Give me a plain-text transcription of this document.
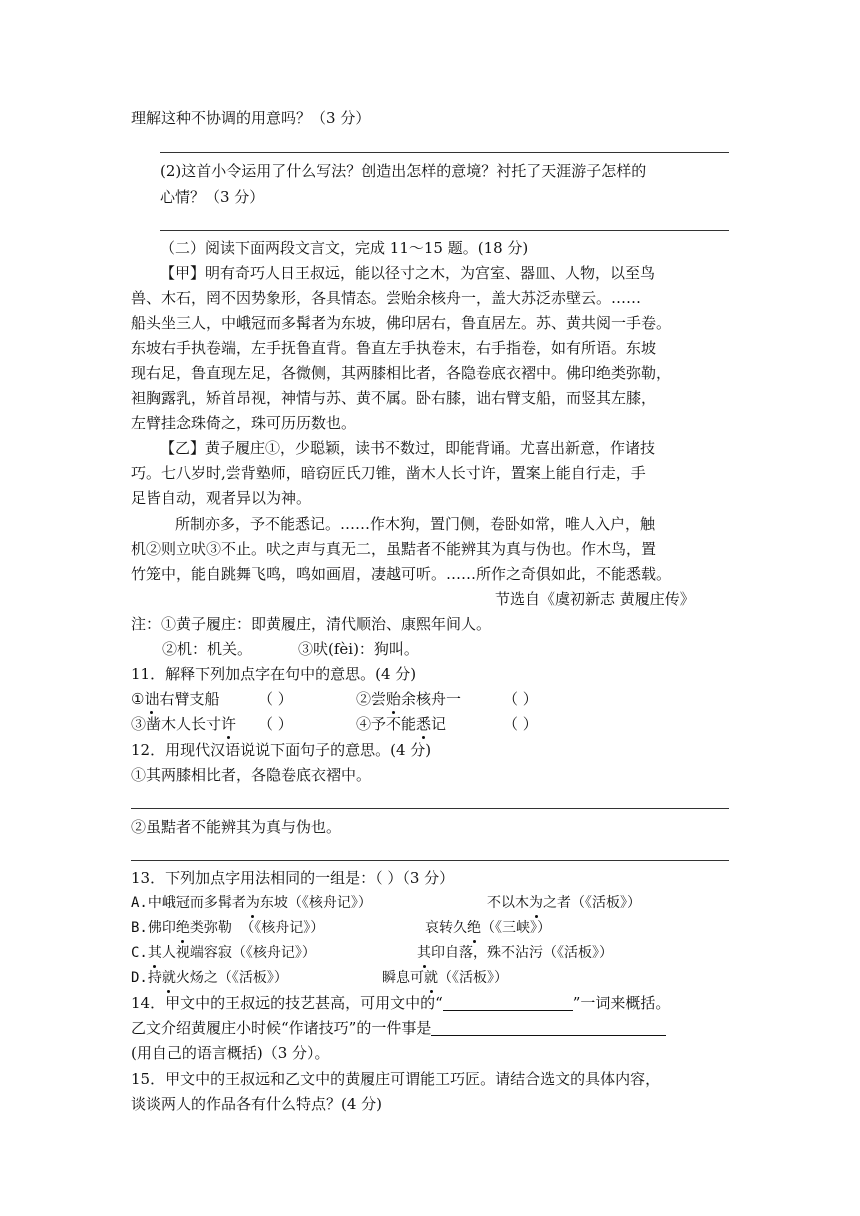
理解这种不协调的用意吗？（3 分）
(2)这首小令运用了什么写法？创造出怎样的意境？衬托了天涯游子怎样的
心情？（3 分）
（二）阅读下面两段文言文，完成 11～15 题。(18 分)
【甲】明有奇巧人日王叔远，能以径寸之木，为宫室、器皿、人物，以至鸟
兽、木石，罔不因势象形，各具情态。尝贻余核舟一，盖大苏泛赤壁云。……
船头坐三人，中峨冠而多髯者为东坡，佛印居右，鲁直居左。苏、黄共阅一手卷。
东坡右手执卷端，左手抚鲁直背。鲁直左手执卷末，右手指卷，如有所语。东坡
现右足，鲁直现左足，各微侧，其两膝相比者，各隐卷底衣褶中。佛印绝类弥勒，
袒胸露乳，矫首昂视，神情与苏、黄不属。卧右膝，诎右臂支船，而竖其左膝，
左臂挂念珠倚之，珠可历历数也。
【乙】黄子履庄①，少聪颖，读书不数过，即能背诵。尤喜出新意，作诸技
巧。七八岁时,尝背塾师，暗窃匠氏刀锥，凿木人长寸许，置案上能自行走，手
足皆自动，观者异以为神。
所制亦多，予不能悉记。……作木狗，置门侧，卷卧如常，唯人入户，触
机②则立吠③不止。吠之声与真无二，虽黠者不能辨其为真与伪也。作木鸟，置
竹笼中，能自跳舞飞鸣，鸣如画眉，凄越可听。……所作之奇俱如此，不能悉载。
节选自《虞初新志 黄履庄传》
注：①黄子履庄：即黄履庄，清代顺治、康熙年间人。
②机：机关。	③吠(fèi)：狗叫。
11．解释下列加点字在句中的意思。(4 分)
①诎右臂支船	（ ）	②尝贻余核舟一	（ ）
③凿木人长寸许 （ ）	④予不能悉记	（ ）
12．用现代汉语说说下面句子的意思。(4 分)
①其两膝相比者，各隐卷底衣褶中。
②虽黠者不能辨其为真与伪也。
13．下列加点字用法相同的一组是：（ ）（3 分）
A.中峨冠而多髯者为东坡（《核舟记》）	不以木为之者（《活板》）
B.佛印绝类弥勒 （《核舟记》）	哀转久绝（《三峡》）
C.其人视端容寂（《核舟记》）	其印自落，殊不沾污（《活板》）
D.持就火炀之（《活板》）	瞬息可就（《活板》）
14．甲文中的王叔远的技艺甚高，可用文中的“	”一词来概括。
乙文介绍黄履庄小时候“作诸技巧”的一件事是
(用自己的语言概括)（3 分）。
15．甲文中的王叔远和乙文中的黄履庄可谓能工巧匠。请结合选文的具体内容，
谈谈两人的作品各有什么特点？(4 分)
